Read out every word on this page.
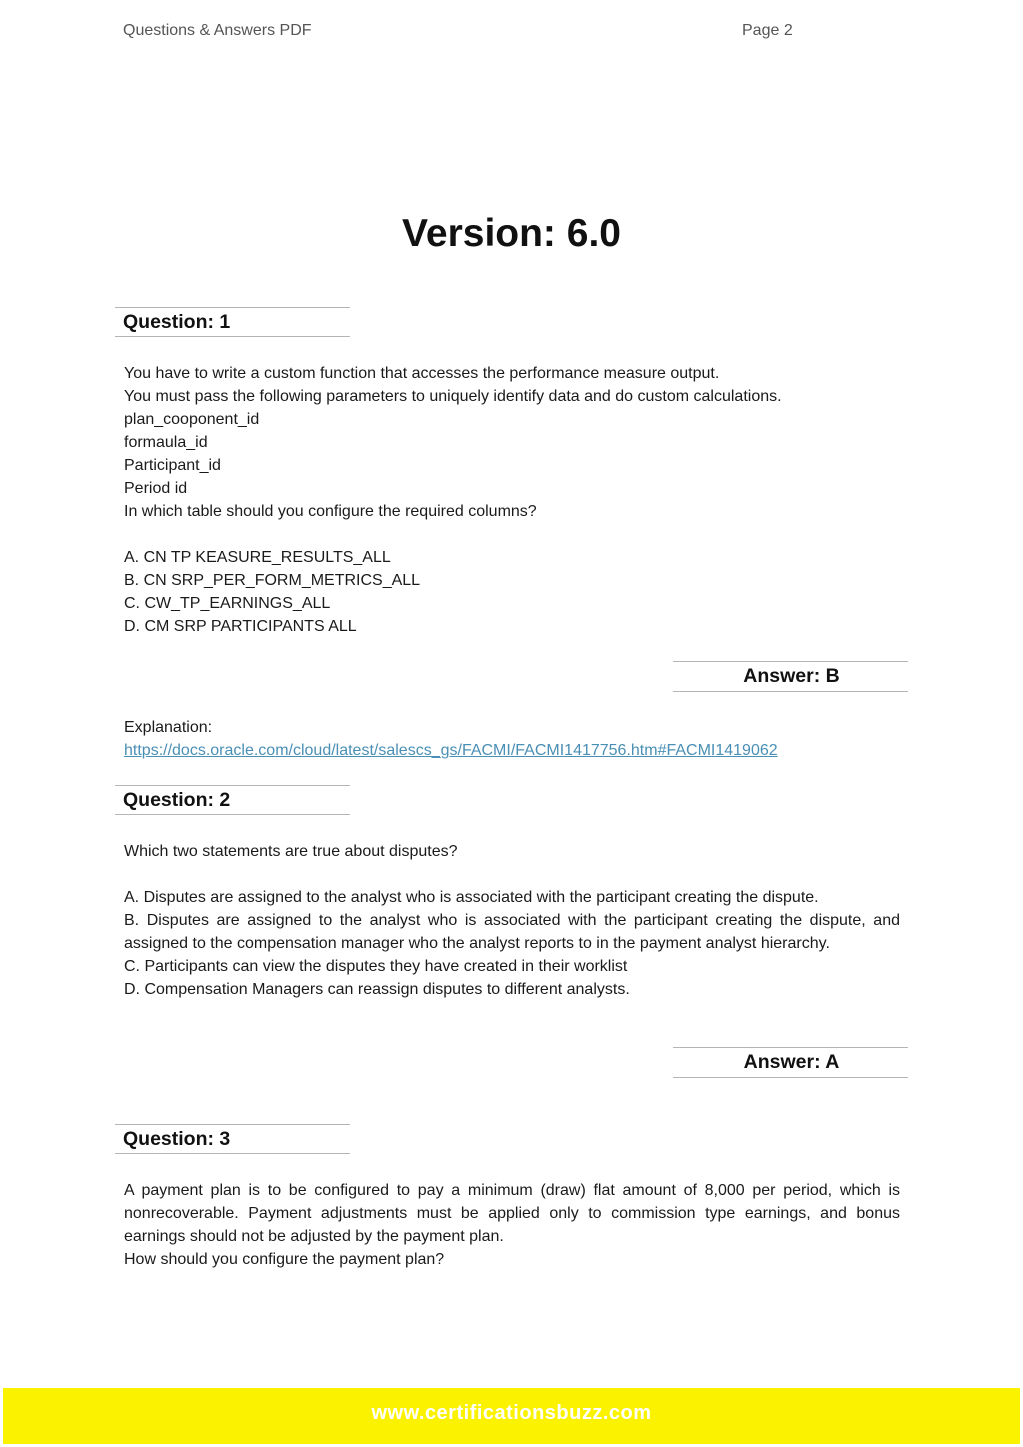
Questions & Answers PDF	Page 2
Version: 6.0
Question: 1
You have to write a custom function that accesses the performance measure output.
You must pass the following parameters to uniquely identify data and do custom calculations.
plan_cooponent_id
formaula_id
Participant_id
Period id
In which table should you configure the required columns?
A. CN TP KEASURE_RESULTS_ALL
B. CN SRP_PER_FORM_METRICS_ALL
C. CW_TP_EARNINGS_ALL
D. CM SRP PARTICIPANTS ALL
Answer: B
Explanation:
https://docs.oracle.com/cloud/latest/salescs_gs/FACMI/FACMI1417756.htm#FACMI1419062
Question: 2
Which two statements are true about disputes?
A. Disputes are assigned to the analyst who is associated with the participant creating the dispute.
B. Disputes are assigned to the analyst who is associated with the participant creating the dispute, and assigned to the compensation manager who the analyst reports to in the payment analyst hierarchy.
C. Participants can view the disputes they have created in their worklist
D. Compensation Managers can reassign disputes to different analysts.
Answer: A
Question: 3
A payment plan is to be configured to pay a minimum (draw) flat amount of 8,000 per period, which is nonrecoverable. Payment adjustments must be applied only to commission type earnings, and bonus earnings should not be adjusted by the payment plan.
How should you configure the payment plan?
www.certificationsbuzz.com
